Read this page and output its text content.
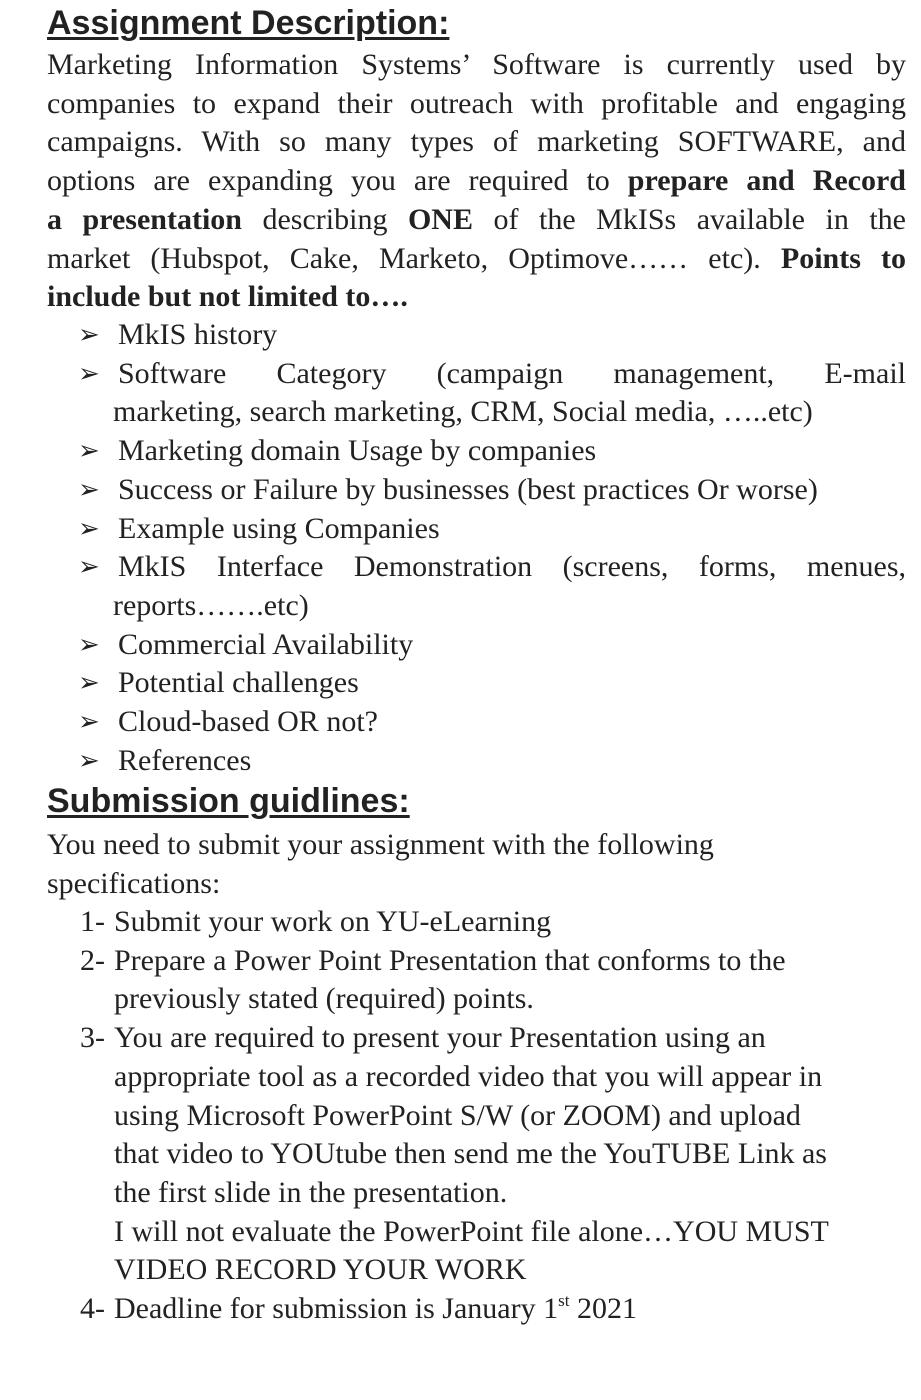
Assignment Description:
Marketing Information Systems’ Software is currently used by
companies to expand their outreach with profitable and engaging
campaigns. With so many types of marketing SOFTWARE, and
options are expanding you are required to prepare and Record
a presentation describing ONE of the MkISs available in the
market (Hubspot, Cake, Marketo, Optimove…… etc). Points to
include but not limited to….
➢ MkIS history
➢ Software Category (campaign management, E-mail
marketing, search marketing, CRM, Social media, …..etc)
➢ Marketing domain Usage by companies
➢ Success or Failure by businesses (best practices Or worse)
➢ Example using Companies
➢ MkIS Interface Demonstration (screens, forms, menues,
reports…….etc)
➢ Commercial Availability
➢ Potential challenges
➢ Cloud-based OR not?
➢ References
Submission guidlines:
You need to submit your assignment with the following
specifications:
1- Submit your work on YU-eLearning
2- Prepare a Power Point Presentation that conforms to the
previously stated (required) points.
3- You are required to present your Presentation using an
appropriate tool as a recorded video that you will appear in
using Microsoft PowerPoint S/W (or ZOOM) and upload
that video to YOUtube then send me the YouTUBE Link as
the first slide in the presentation.
I will not evaluate the PowerPoint file alone…YOU MUST
VIDEO RECORD YOUR WORK
4- Deadline for submission is January 1st 2021
